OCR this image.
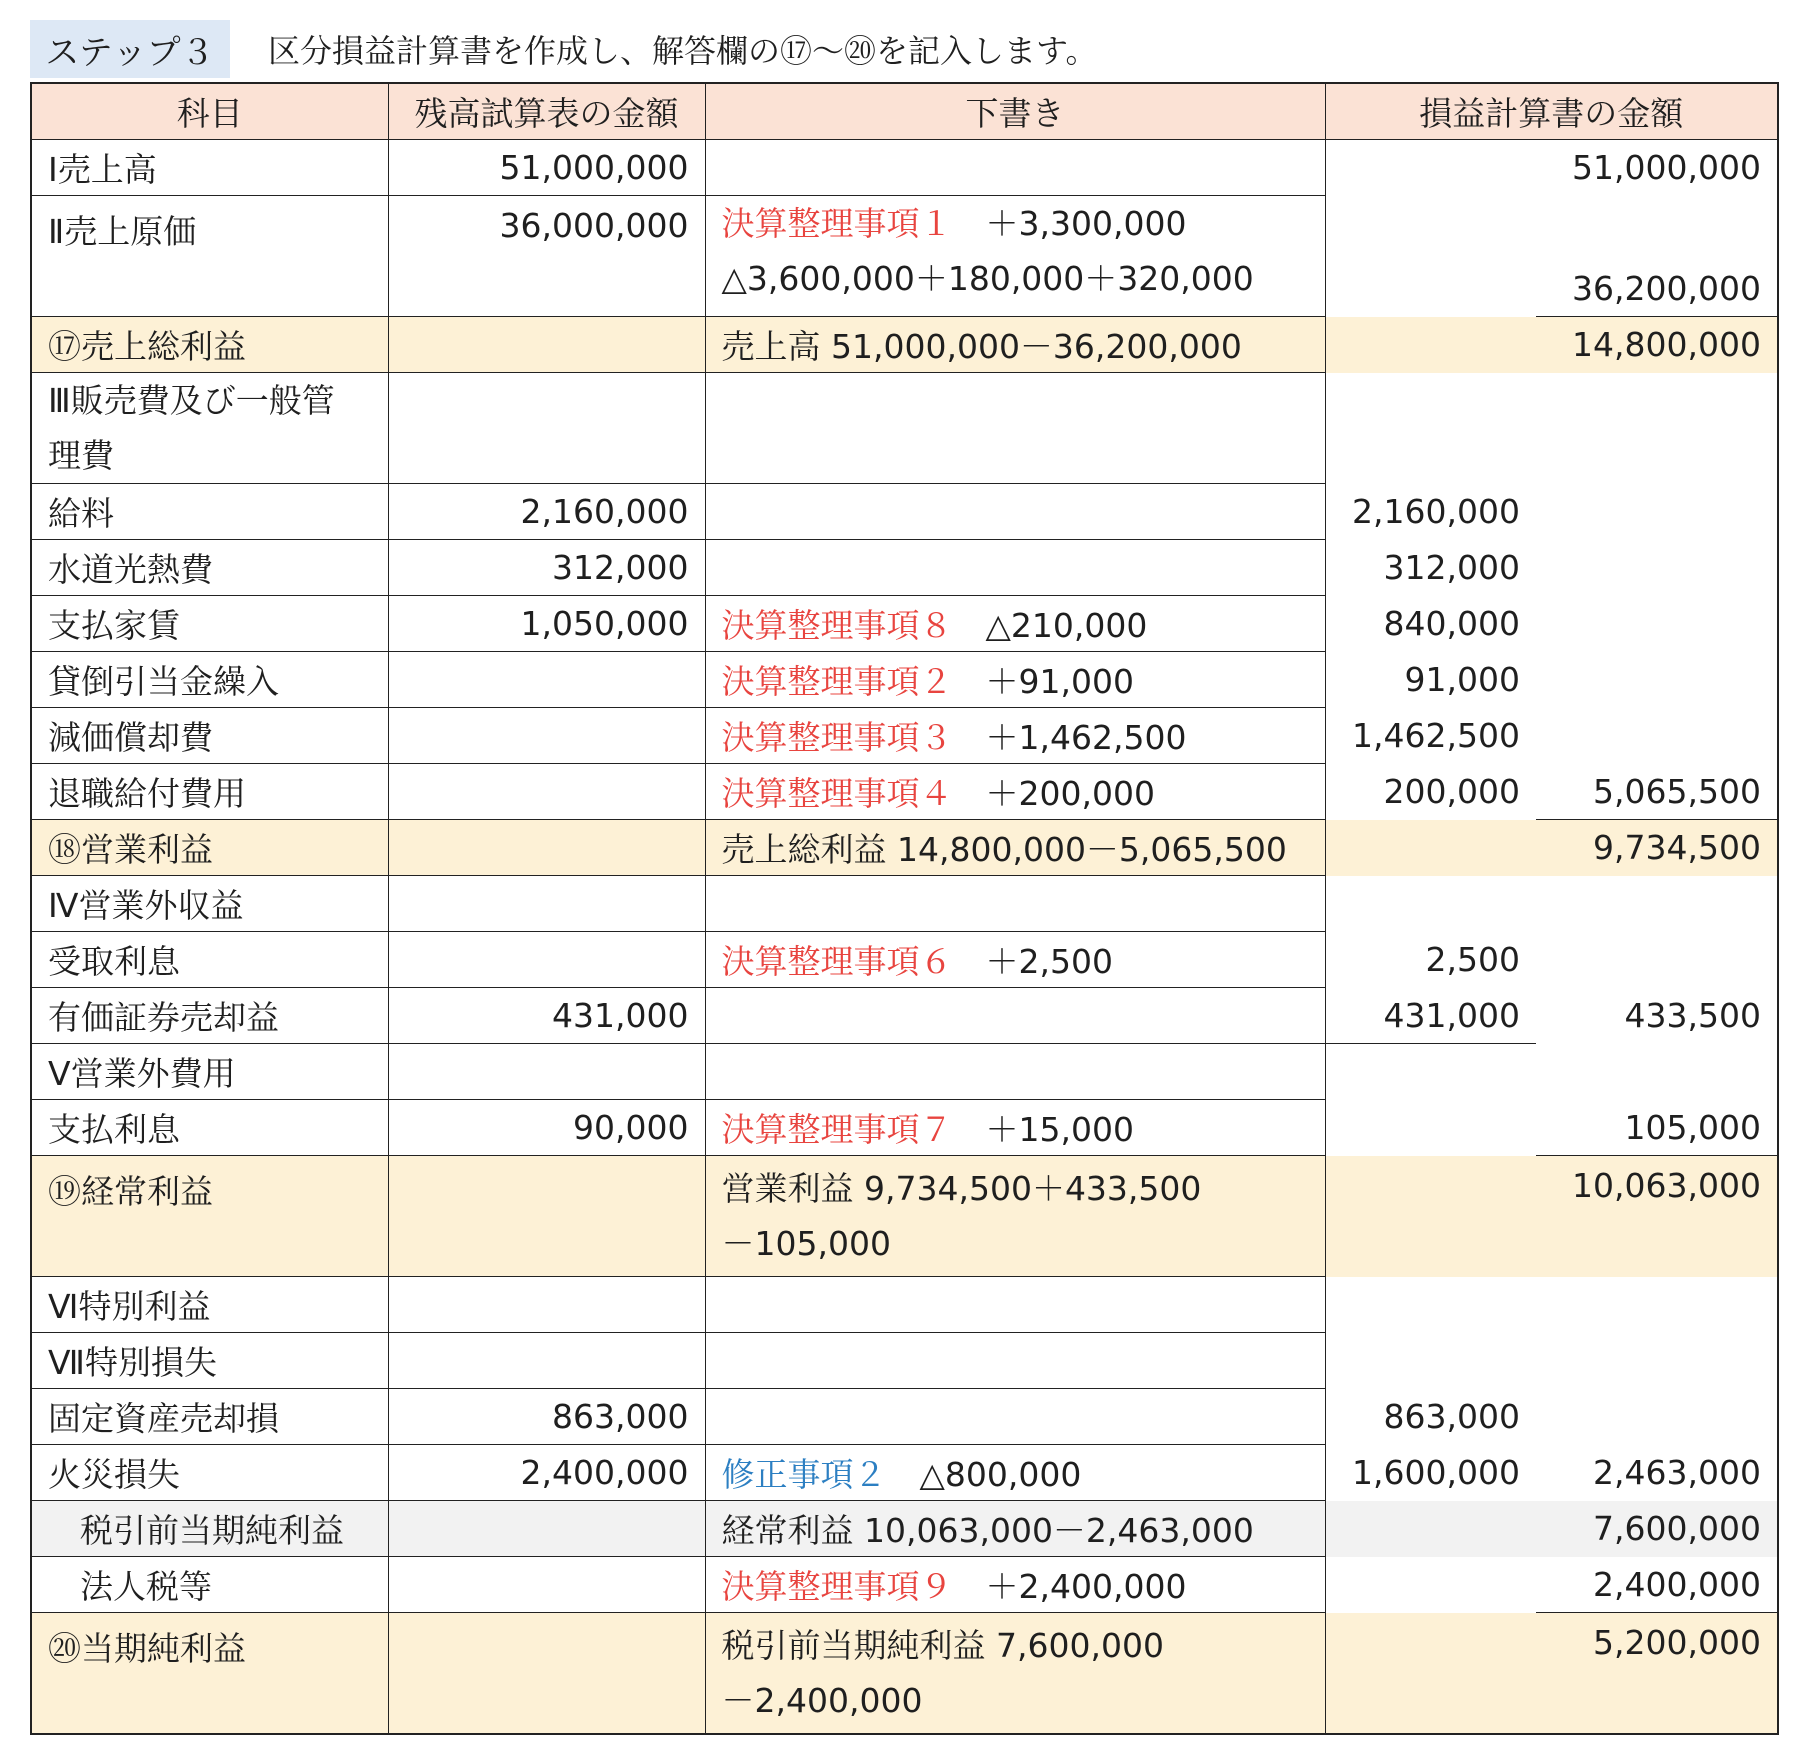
ステップ３	区分損益計算書を作成し、解答欄の⑰〜⑳を記入します。
科目	残高試算表の金額	下書き	損益計算書の金額	
Ⅰ売上高	51,000,000			51,000,000
Ⅱ売上原価	36,000,000	決算整理事項１　 ＋3,300,000
△3,600,000＋180,000＋320,000		36,200,000
⑰売上総利益		売上高 51,000,000－36,200,000		14,800,000

Ⅲ販売費及び一般管
理費				

給料	2,160,000		2,160,000	
水道光熱費	312,000		312,000	
支払家賃	1,050,000	決算整理事項８　 △210,000	840,000	
貸倒引当金繰入		決算整理事項２　 ＋91,000	91,000	
減価償却費		決算整理事項３　 ＋1,462,500	1,462,500	
退職給付費用		決算整理事項４　 ＋200,000	200,000	5,065,500
⑱営業利益		売上総利益 14,800,000－5,065,500		9,734,500
Ⅳ営業外収益				
受取利息		決算整理事項６　 ＋2,500	2,500	
有価証券売却益	431,000		431,000	433,500
Ⅴ営業外費用				
支払利息	90,000	決算整理事項７　 ＋15,000		105,000
⑲経常利益		営業利益 9,734,500＋433,500
－105,000		10,063,000
Ⅵ特別利益				
Ⅶ特別損失				
固定資産売却損	863,000		863,000	
火災損失	2,400,000	修正事項２　 △800,000	1,600,000	2,463,000
税引前当期純利益		経常利益 10,063,000－2,463,000		7,600,000
法人税等		決算整理事項９　 ＋2,400,000		2,400,000
⑳当期純利益		税引前当期純利益 7,600,000
－2,400,000		5,200,000
